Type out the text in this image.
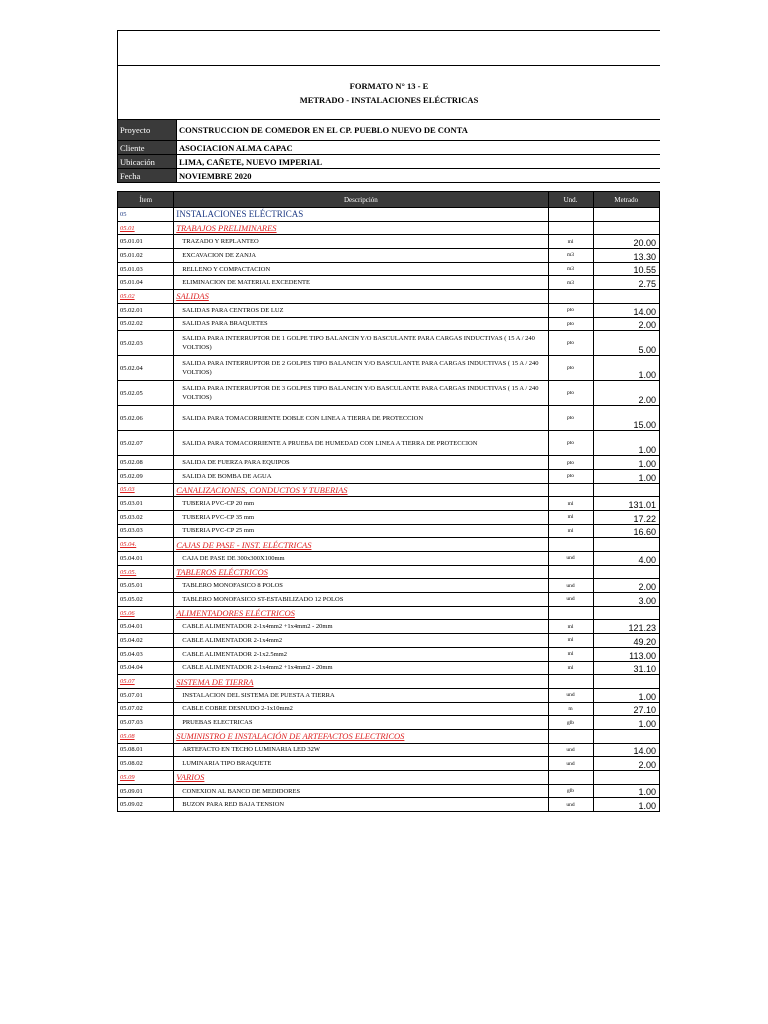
FORMATO N° 13 - E
METRADO - INSTALACIONES ELÉCTRICAS
Proyecto	CONSTRUCCION DE COMEDOR EN EL CP. PUEBLO NUEVO DE CONTA
Cliente	ASOCIACION ALMA CAPAC
Ubicación	LIMA, CAÑETE, NUEVO IMPERIAL
Fecha	NOVIEMBRE 2020
Ítem	Descripción	Und.	Metrado
05	INSTALACIONES ELÉCTRICAS		
05.01	TRABAJOS PRELIMINARES		
05.01.01	TRAZADO Y REPLANTEO	ml	20.00
05.01.02	EXCAVACION DE ZANJA	m3	13.30
05.01.03	RELLENO Y COMPACTACION	m3	10.55
05.01.04	ELIMINACION DE MATERIAL EXCEDENTE	m3	2.75
05.02	SALIDAS		
05.02.01	SALIDAS PARA CENTROS DE LUZ	pto	14.00
05.02.02	SALIDAS PARA BRAQUETES	pto	2.00
05.02.03	SALIDA PARA INTERRUPTOR DE 1 GOLPE TIPO BALANCIN Y/O BASCULANTE PARA CARGAS INDUCTIVAS ( 15 A / 240 VOLTIOS)	pto	5.00
05.02.04	SALIDA PARA INTERRUPTOR DE 2 GOLPES TIPO BALANCIN Y/O BASCULANTE PARA CARGAS INDUCTIVAS ( 15 A / 240 VOLTIOS)	pto	1.00
05.02.05	SALIDA PARA INTERRUPTOR DE 3 GOLPES TIPO BALANCIN Y/O BASCULANTE PARA CARGAS INDUCTIVAS ( 15 A / 240 VOLTIOS)	pto	2.00
05.02.06	SALIDA PARA TOMACORRIENTE DOBLE CON LINEA A TIERRA DE PROTECCION	pto	15.00
05.02.07	SALIDA PARA TOMACORRIENTE A PRUEBA DE HUMEDAD CON LINEA A TIERRA DE PROTECCION	pto	1.00
05.02.08	SALIDA DE FUERZA PARA EQUIPOS	pto	1.00
05.02.09	SALIDA DE BOMBA DE AGUA	pto	1.00
05.03	CANALIZACIONES, CONDUCTOS Y TUBERIAS		
05.03.01	TUBERIA PVC-CP 20 mm	ml	131.01
05.03.02	TUBERIA PVC-CP 35 mm	ml	17.22
05.03.03	TUBERIA PVC-CP 25 mm	ml	16.60
05.04.	CAJAS DE PASE - INST. ELÉCTRICAS		
05.04.01	CAJA DE PASE DE 300x300X100mm	und	4.00
05.05.	TABLEROS ELÉCTRICOS		
05.05.01	TABLERO MONOFASICO 8 POLOS	und	2.00
05.05.02	TABLERO MONOFASICO ST-ESTABILIZADO 12 POLOS	und	3.00
05.06	ALIMENTADORES ELÉCTRICOS		
05.04.01	CABLE ALIMENTADOR 2-1x4mm2 +1x4mm2 - 20mm	ml	121.23
05.04.02	CABLE ALIMENTADOR 2-1x4mm2	ml	49.20
05.04.03	CABLE ALIMENTADOR 2-1x2.5mm2	ml	113.00
05.04.04	CABLE ALIMENTADOR 2-1x4mm2 +1x4mm2 - 20mm	ml	31.10
05.07	SISTEMA DE TIERRA		
05.07.01	INSTALACION DEL SISTEMA DE PUESTA A TIERRA	und	1.00
05.07.02	CABLE COBRE DESNUDO 2-1x10mm2	m	27.10
05.07.03	PRUEBAS ELECTRICAS	glb	1.00
05.08	SUMINISTRO E INSTALACIÓN DE ARTEFACTOS ELECTRICOS		
05.08.01	ARTEFACTO EN TECHO LUMINARIA LED 32W	und	14.00
05.08.02	LUMINARIA TIPO BRAQUETE	und	2.00
05.09	VARIOS		
05.09.01	CONEXION AL BANCO DE MEDIDORES	glb	1.00
05.09.02	BUZON PARA RED BAJA TENSION	und	1.00
